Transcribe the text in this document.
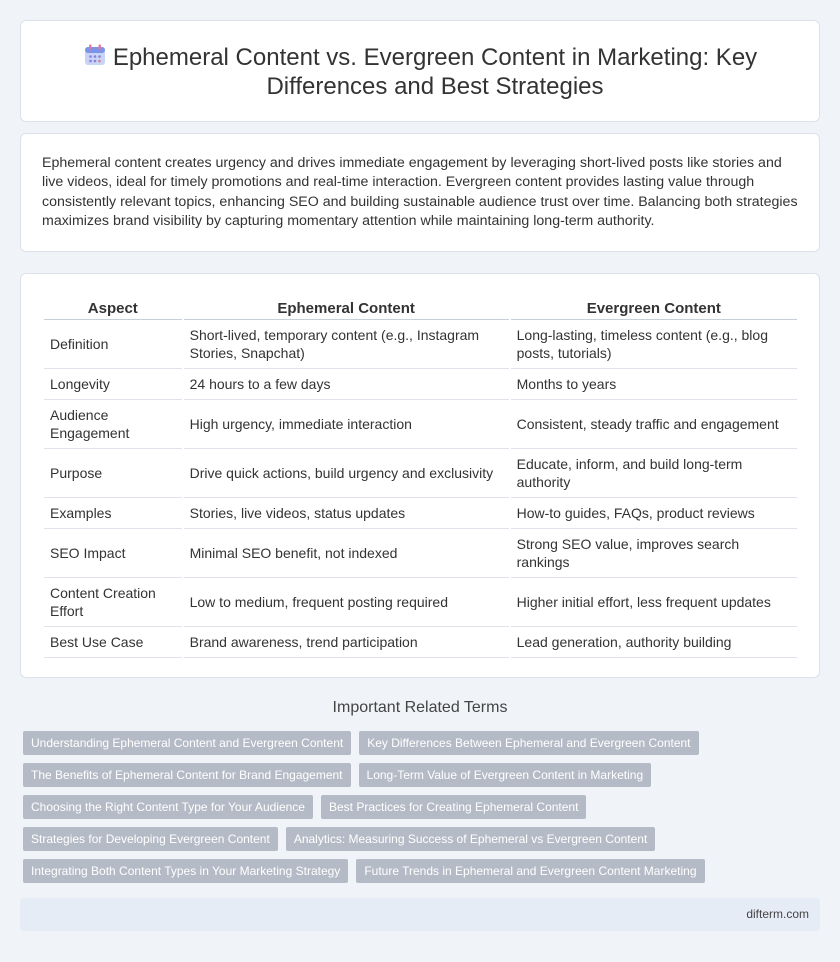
Ephemeral Content vs. Evergreen Content in Marketing: Key Differences and Best Strategies

Ephemeral content creates urgency and drives immediate engagement by leveraging short-lived posts like stories and live videos, ideal for timely promotions and real-time interaction. Evergreen content provides lasting value through consistently relevant topics, enhancing SEO and building sustainable audience trust over time. Balancing both strategies maximizes brand visibility by capturing momentary attention while maintaining long-term authority.

Aspect	Ephemeral Content	Evergreen Content
Definition	Short-lived, temporary content (e.g., Instagram Stories, Snapchat)	Long-lasting, timeless content (e.g., blog posts, tutorials)
Longevity	24 hours to a few days	Months to years
Audience Engagement	High urgency, immediate interaction	Consistent, steady traffic and engagement
Purpose	Drive quick actions, build urgency and exclusivity	Educate, inform, and build long-term authority
Examples	Stories, live videos, status updates	How-to guides, FAQs, product reviews
SEO Impact	Minimal SEO benefit, not indexed	Strong SEO value, improves search rankings
Content Creation Effort	Low to medium, frequent posting required	Higher initial effort, less frequent updates
Best Use Case	Brand awareness, trend participation	Lead generation, authority building
Important Related Terms
Understanding Ephemeral Content and Evergreen Content	Key Differences Between Ephemeral and Evergreen Content
The Benefits of Ephemeral Content for Brand Engagement	Long-Term Value of Evergreen Content in Marketing
Choosing the Right Content Type for Your Audience	Best Practices for Creating Ephemeral Content
Strategies for Developing Evergreen Content	Analytics: Measuring Success of Ephemeral vs Evergreen Content
Integrating Both Content Types in Your Marketing Strategy	Future Trends in Ephemeral and Evergreen Content Marketing
difterm.com
